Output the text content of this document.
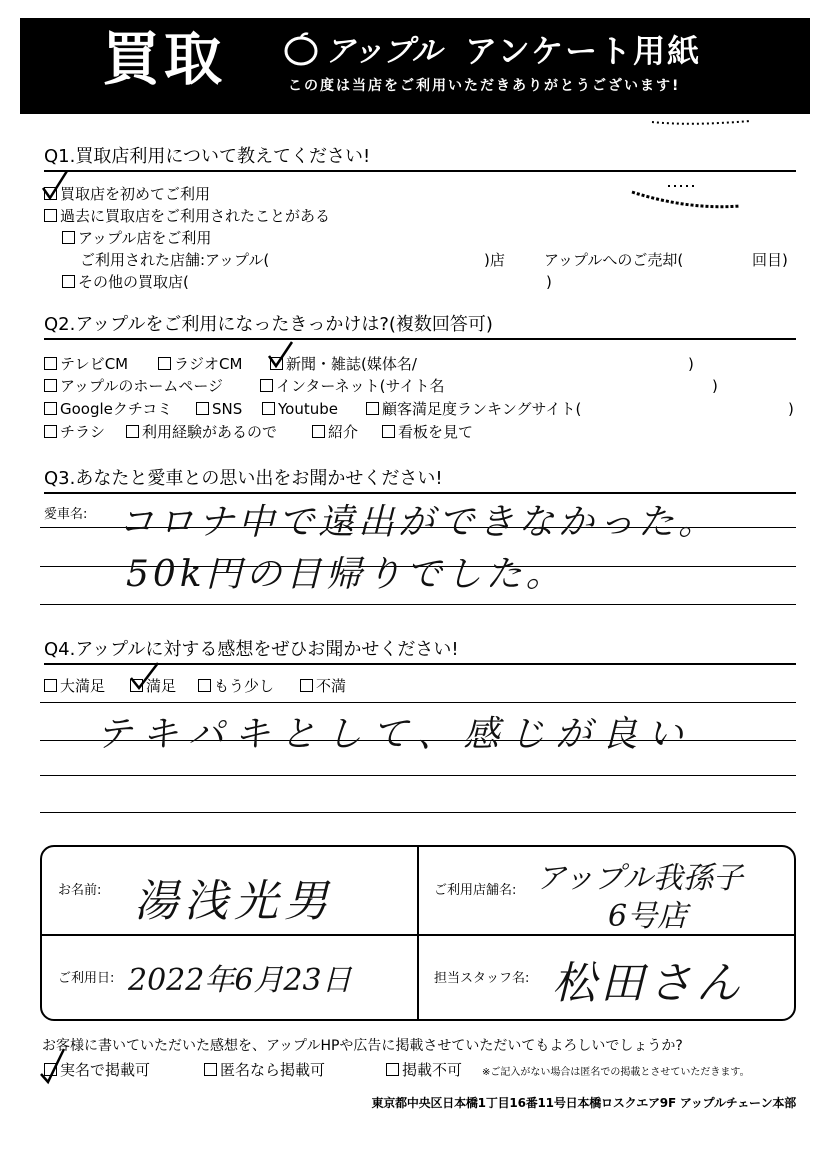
買取	アップル アンケート用紙
この度は当店をご利用いただきありがとうございます!
Q1.買取店利用について教えてください!
買取店を初めてご利用
過去に買取店をご利用されたことがある
アップル店をご利用
ご利用された店舗:アップル(	)店	アップルへのご売却(	回目)
その他の買取店(	)
Q2.アップルをご利用になったきっかけは?(複数回答可)
テレビCM	ラジオCM	新聞・雑誌(媒体名/	)
アップルのホームページ	インターネット(サイト名	)
Googleクチコミ	SNS	Youtube	顧客満足度ランキングサイト(	)
チラシ	利用経験があるので	紹介	看板を見て
Q3.あなたと愛車との思い出をお聞かせください!
愛車名: コロナ中で遠出ができなかった。
50k円の日帰りでした。
Q4.アップルに対する感想をぜひお聞かせください!
大満足	満足	もう少し	不満
テキパキとして、感じが良い
お名前: 湯浅光男	ご利用店舗名: アップル我孫子
6号店
ご利用日: 2022年6月23日	担当スタッフ名: 松田さん
お客様に書いていただいた感想を、アップルHPや広告に掲載させていただいてもよろしいでしょうか?
実名で掲載可	匿名なら掲載可	掲載不可 ※ご記入がない場合は匿名での掲載とさせていただきます。
東京都中央区日本橋1丁目16番11号日本橋ロスクエア9F アップルチェーン本部
